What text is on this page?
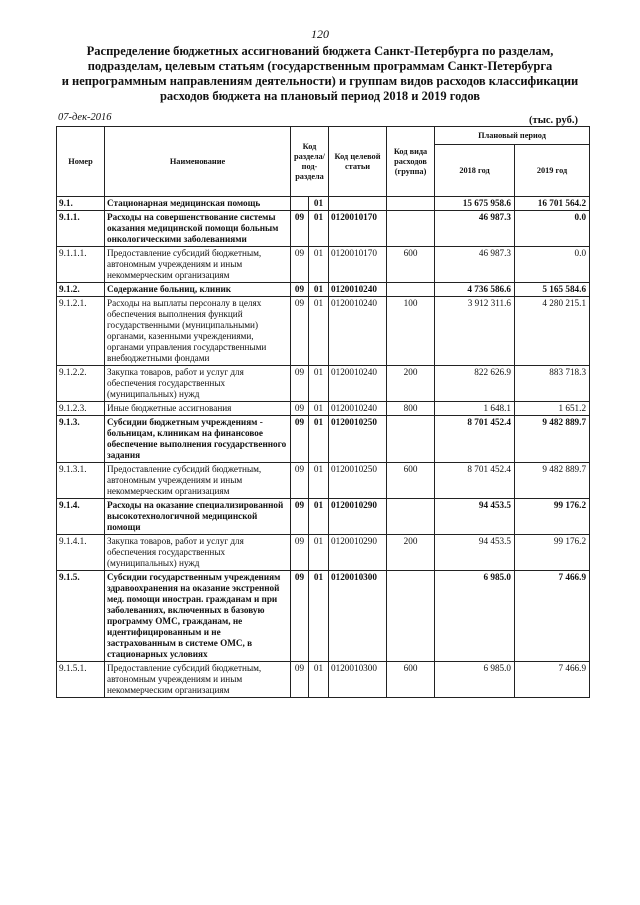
120
Распределение бюджетных ассигнований бюджета Санкт-Петербурга по разделам,
подразделам, целевым статьям (государственным программам Санкт-Петербурга
и непрограммным направлениям деятельности) и группам видов расходов классификации
расходов бюджета на плановый период 2018 и 2019 годов
07-дек-2016	(тыс. руб.)
Номер	Наименование	Код раздела/ под-раздела		Код целевой статьи	Код вида расходов (группа)	Плановый период	
						2018 год	2019 год
9.1.	Стационарная медицинская помощь		01			15 675 958.6	16 701 564.2
9.1.1.	Расходы на совершенствование системы оказания медицинской помощи больным онкологическими заболеваниями	09	01	0120010170		46 987.3	0.0
9.1.1.1.	Предоставление субсидий бюджетным, автономным учреждениям и иным некоммерческим организациям	09	01	0120010170	600	46 987.3	0.0
9.1.2.	Содержание больниц, клиник	09	01	0120010240		4 736 586.6	5 165 584.6
9.1.2.1.	Расходы на выплаты персоналу в целях обеспечения выполнения функций государственными (муниципальными) органами, казенными учреждениями, органами управления государственными внебюджетными фондами	09	01	0120010240	100	3 912 311.6	4 280 215.1
9.1.2.2.	Закупка товаров, работ и услуг для обеспечения государственных (муниципальных) нужд	09	01	0120010240	200	822 626.9	883 718.3
9.1.2.3.	Иные бюджетные ассигнования	09	01	0120010240	800	1 648.1	1 651.2
9.1.3.	Субсидии бюджетным учреждениям - больницам, клиникам на финансовое обеспечение выполнения государственного задания	09	01	0120010250		8 701 452.4	9 482 889.7
9.1.3.1.	Предоставление субсидий бюджетным, автономным учреждениям и иным некоммерческим организациям	09	01	0120010250	600	8 701 452.4	9 482 889.7
9.1.4.	Расходы на оказание специализированной высокотехнологичной медицинской помощи	09	01	0120010290		94 453.5	99 176.2
9.1.4.1.	Закупка товаров, работ и услуг для обеспечения государственных (муниципальных) нужд	09	01	0120010290	200	94 453.5	99 176.2
9.1.5.	Субсидии государственным учреждениям здравоохранения на оказание экстренной мед. помощи иностран. гражданам и при заболеваниях, включенных в базовую программу ОМС, гражданам, не идентифицированным и не застрахованным в системе ОМС, в стационарных условиях	09	01	0120010300		6 985.0	7 466.9
9.1.5.1.	Предоставление субсидий бюджетным, автономным учреждениям и иным некоммерческим организациям	09	01	0120010300	600	6 985.0	7 466.9
